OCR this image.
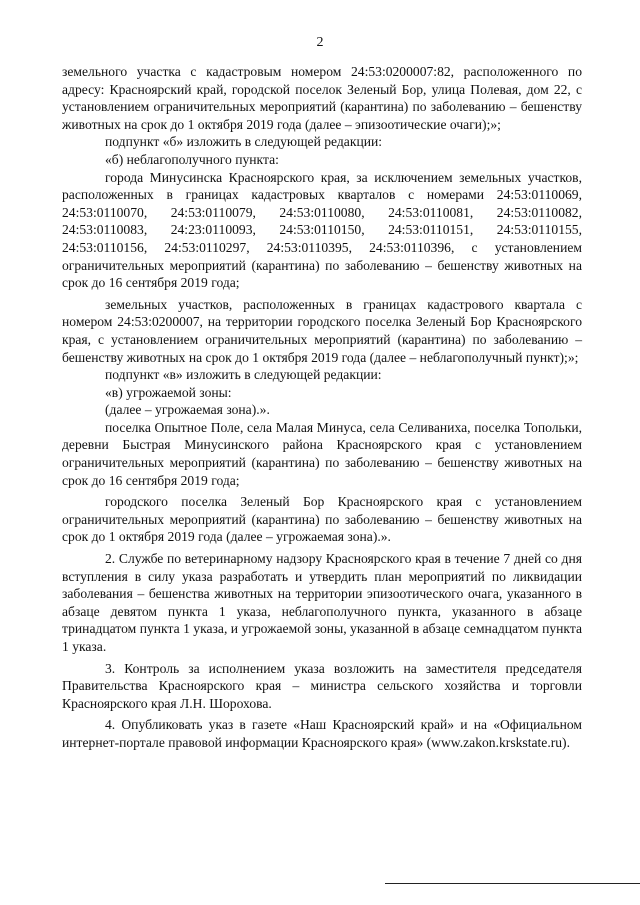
2

земельного участка с кадастровым номером 24:53:0200007:82, расположенного по адресу: Красноярский край, городской поселок Зеленый Бор, улица Полевая, дом 22, с установлением ограничительных мероприятий (карантина) по заболеванию – бешенству животных на срок до 1 октября 2019 года (далее – эпизоотические очаги);»;

подпункт «б» изложить в следующей редакции:

«б) неблагополучного пункта:

города Минусинска Красноярского края, за исключением земельных участков, расположенных в границах кадастровых кварталов с номерами 24:53:0110069, 24:53:0110070, 24:53:0110079, 24:53:0110080, 24:53:0110081, 24:53:0110082, 24:53:0110083, 24:23:0110093, 24:53:0110150, 24:53:0110151, 24:53:0110155, 24:53:0110156, 24:53:0110297, 24:53:0110395, 24:53:0110396, с установлением ограничительных мероприятий (карантина) по заболеванию – бешенству животных на срок до 16 сентября 2019 года;

земельных участков, расположенных в границах кадастрового квартала с номером 24:53:0200007, на территории городского поселка Зеленый Бор Красноярского края, с установлением ограничительных мероприятий (карантина) по заболеванию – бешенству животных на срок до 1 октября 2019 года (далее – неблагополучный пункт);»;

подпункт «в» изложить в следующей редакции:

«в) угрожаемой зоны:

(далее – угрожаемая зона).».

поселка Опытное Поле, села Малая Минуса, села Селиваниха, поселка Топольки, деревни Быстрая Минусинского района Красноярского края с установлением ограничительных мероприятий (карантина) по заболеванию – бешенству животных на срок до 16 сентября 2019 года;

городского поселка Зеленый Бор Красноярского края с установлением ограничительных мероприятий (карантина) по заболеванию – бешенству животных на срок до 1 октября 2019 года (далее – угрожаемая зона).».

2. Службе по ветеринарному надзору Красноярского края в течение 7 дней со дня вступления в силу указа разработать и утвердить план мероприятий по ликвидации заболевания – бешенства животных на территории эпизоотического очага, указанного в абзаце девятом пункта 1 указа, неблагополучного пункта, указанного в абзаце тринадцатом пункта 1 указа, и угрожаемой зоны, указанной в абзаце семнадцатом пункта 1 указа.

3. Контроль за исполнением указа возложить на заместителя председателя Правительства Красноярского края – министра сельского хозяйства и торговли Красноярского края Л.Н. Шорохова.

4. Опубликовать указ в газете «Наш Красноярский край» и на «Официальном интернет-портале правовой информации Красноярского края» (www.zakon.krskstate.ru).
